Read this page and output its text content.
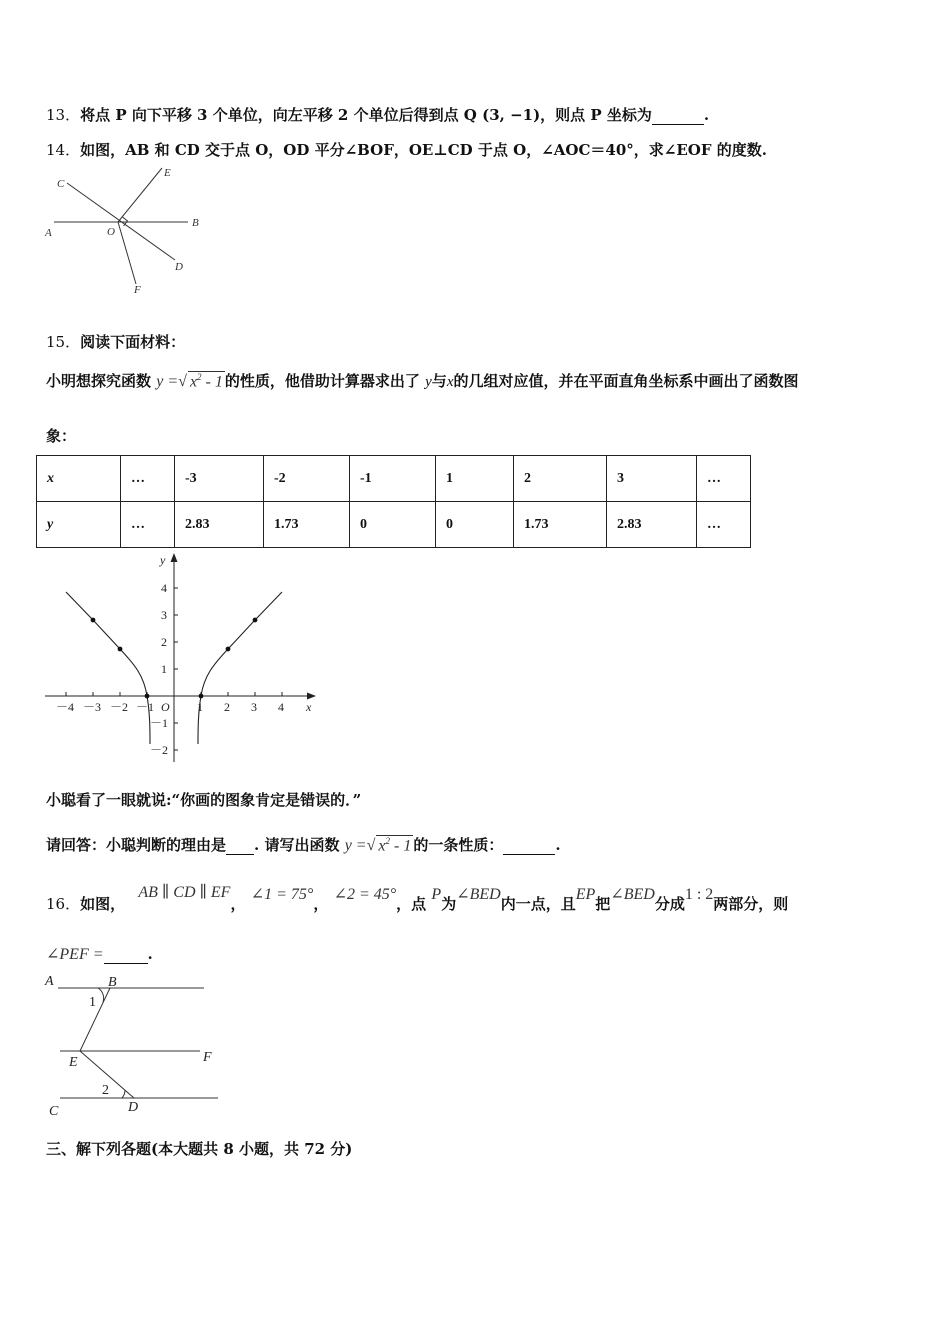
13．将点 P 向下平移 3 个单位，向左平移 2 个单位后得到点 Q (3, −1)，则点 P 坐标为	.
14．如图，AB 和 CD 交于点 O，OD 平分∠BOF，OE⊥CD 于点 O，∠AOC＝40°，求∠EOF 的度数.
C
E
A	O
B
D
F
15．阅读下面材料：
小明想探究函数 y =√ $x^2 - 1$ 的性质，他借助计算器求出了 y与x的几组对应值，并在平面直角坐标系中画出了函数图
象：
x	…	-3	-2	-1	1	2	3	…
y	…	2.83	1.73	0	0	1.73	2.83	…
－4 －3 －2 －1 O 1 2 3 4 x
y
4
3
2
1
－1
－2
小聪看了一眼就说:“你画的图象肯定是错误的．”
请回答：小聪判断的理由是 . 请写出函数 y =√ $x^2 - 1$ 的一条性质：	.
16．如图， AB ∥ CD ∥ EF， ∠1 = 75°， ∠2 = 45°，点 P为∠BED内一点，且EP把∠BED分成1 : 2两部分，则
∠PEF =	.
A	B
1
E	F
2
C	D
三、解下列各题(本大题共 8 小题，共 72 分)
